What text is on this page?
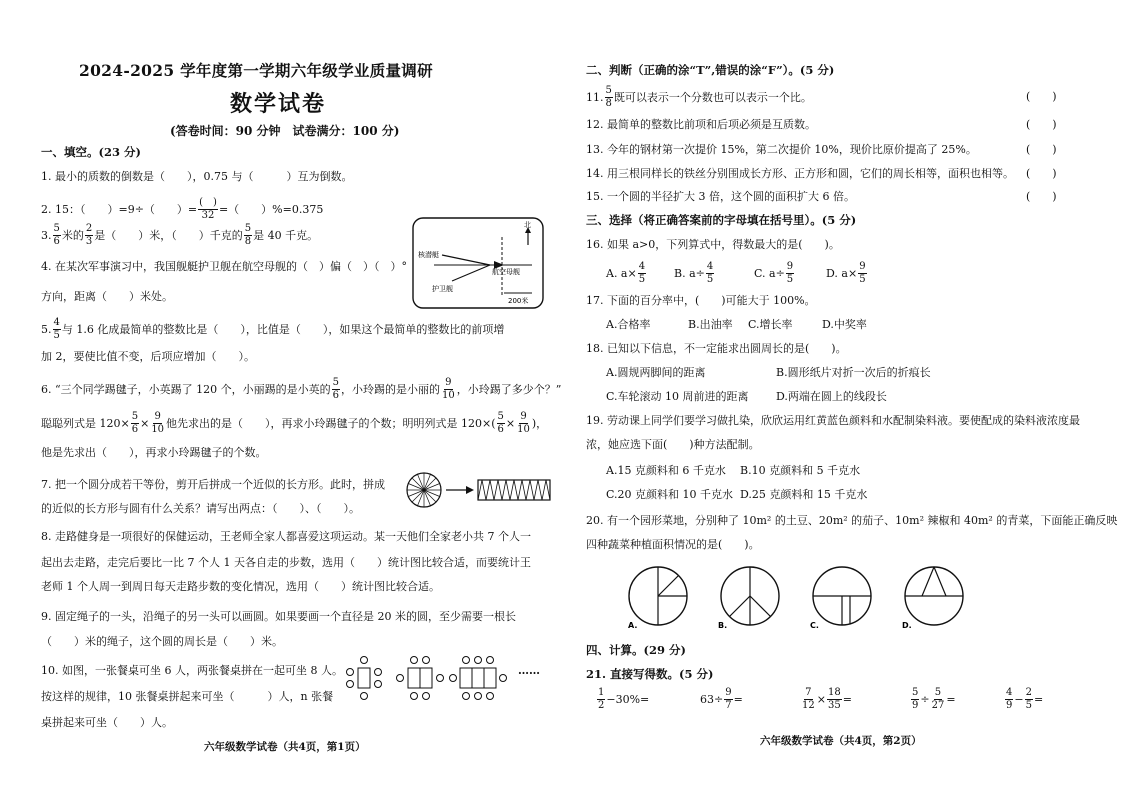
2024-2025 学年度第一学期六年级学业质量调研
数学试卷
(答卷时间：90 分钟　试卷满分：100 分)
一、填空。(23 分)
1. 最小的质数的倒数是（　　），0.75 与（　　　）互为倒数。
2. 15：（　　）=9÷（　　）= $\frac{( )}{32}$ =（　　）%=0.375
3. $\frac{5}{6}$ 米的 $\frac{2}{3}$ 是（　　）米，（　　）千克的 $\frac{5}{8}$ 是 40 千克。
4. 在某次军事演习中，我国舰艇护卫舰在航空母舰的（　）偏（　）（　）°
方向，距离（　　）米处。
北
核潜艇
航空母舰
护卫舰
200米
5. $\frac{4}{5}$ 与 1.6 化成最简单的整数比是（　　），比值是（　　），如果这个最简单的整数比的前项增
加 2，要使比值不变，后项应增加（　　）。
6. “三个同学踢毽子，小英踢了 120 个，小丽踢的是小英的 $\frac{5}{6}$ ，小玲踢的是小丽的 $\frac{9}{10}$ ，小玲踢了多少个？”
聪聪列式是 $120\times \frac{5}{6} \times \frac{9}{10}$ 他先求出的是（　　），再求小玲踢毽子的个数；明明列式是 $120\times( \frac{5}{6} \times \frac{9}{10}$ )，
他是先求出（　　），再求小玲踢毽子的个数。
7. 把一个圆分成若干等份，剪开后拼成一个近似的长方形。此时，拼成
的近似的长方形与圆有什么关系？请写出两点：（　　）、（　　）。
8. 走路健身是一项很好的保健运动，王老师全家人都喜爱这项运动。某一天他们全家老小共 7 个人一
起出去走路，走完后要比一比 7 个人 1 天各自走的步数，选用（　　）统计图比较合适，而要统计王
老师 1 个人周一到周日每天走路步数的变化情况，选用（　　）统计图比较合适。
9. 固定绳子的一头，沿绳子的另一头可以画圆。如果要画一个直径是 20 米的圆，至少需要一根长
（　　）米的绳子，这个圆的周长是（　　）米。
10. 如图，一张餐桌可坐 6 人，两张餐桌拼在一起可坐 8 人。
按这样的规律，10 张餐桌拼起来可坐（　　　）人，n 张餐
桌拼起来可坐（　　）人。
……
六年级数学试卷（共4页，第1页）
二、判断（正确的涂“T”,错误的涂“F”）。(5 分)
11. $\frac{5}{8}$ 既可以表示一个分数也可以表示一个比。	(　　)
12. 最简单的整数比前项和后项必须是互质数。	(　　)
13. 今年的钢材第一次提价 15%，第二次提价 10%，现价比原价提高了 25%。	(　　)
14. 用三根同样长的铁丝分别围成长方形、正方形和圆，它们的周长相等，面积也相等。 (　　)
15. 一个圆的半径扩大 3 倍，这个圆的面积扩大 6 倍。	(　　)
三、选择（将正确答案前的字母填在括号里）。(5 分)
16. 如果 a>0，下列算式中，得数最大的是(　　)。
A. $a\times \frac{4}{5}$	B. $a\div \frac{4}{5}$	C. $a\div \frac{9}{5}$	D. $a\times \frac{9}{5}$
17. 下面的百分率中，(　　)可能大于 100%。
A.合格率	B.出油率 C.增长率	D.中奖率
18. 已知以下信息，不一定能求出圆周长的是(　　)。
A.圆规两脚间的距离	B.圆形纸片对折一次后的折痕长
C.车轮滚动 10 周前进的距离 D.两端在圆上的线段长
19. 劳动课上同学们要学习做扎染，欣欣运用红黄蓝色颜料和水配制染料液。要使配成的染料液浓度最
浓，她应选下面(　　)种方法配制。
A.15 克颜料和 6 千克水 B.10 克颜料和 5 千克水
C.20 克颜料和 10 千克水 D.25 克颜料和 15 千克水
20. 有一个园形菜地，分别种了 10m² 的土豆、20m² 的茄子、10m² 辣椒和 40m² 的青菜，下面能正确反映
四种蔬菜种植面积情况的是(　　)。
A.	B.	C.	D.
四、计算。(29 分)
21. 直接写得数。(5 分)
$\frac{1}{2} -30\%=$	$63\div \frac{9}{7}$ =	$\frac{7}{12} \times \frac{18}{35}$ =	$\frac{5}{9} \div \frac{5}{27}$ =	$\frac{4}{9} - \frac{2}{5}$ =
六年级数学试卷（共4页，第2页）
